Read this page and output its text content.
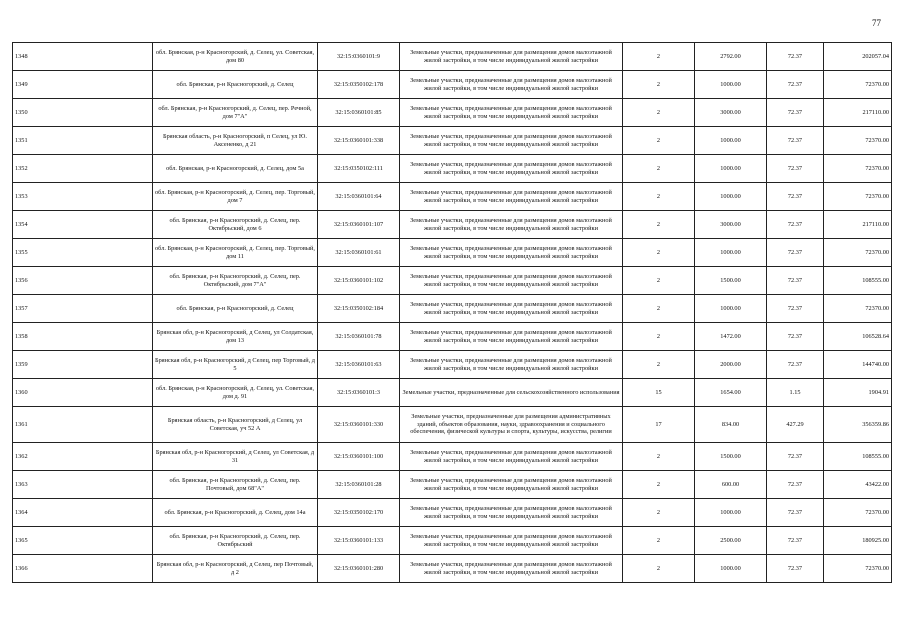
77
1348	обл. Брянская, р-н Красногорский, д. Селец, ул. Советская, дом 80	32:15:0360101:9	Земельные участки, предназначенные для размещения домов малоэтажной жилой застройки, в том числе индивидуальной жилой застройки	2	2792.00	72.37	202057.04
1349	обл. Брянская, р-н Красногорский, д. Селец	32:15:0350102:178	Земельные участки, предназначенные для размещения домов малоэтажной жилой застройки, в том числе индивидуальной жилой застройки	2	1000.00	72.37	72370.00
1350	обл. Брянская, р-н Красногорский, д. Селец, пер. Речной, дом 7"А"	32:15:0360101:85	Земельные участки, предназначенные для размещения домов малоэтажной жилой застройки, в том числе индивидуальной жилой застройки	2	3000.00	72.37	217110.00
1351	Брянская область, р-н Красногорский, п Селец, ул Ю. Аксененко, д 21	32:15:0360101:338	Земельные участки, предназначенные для размещения домов малоэтажной жилой застройки, в том числе индивидуальной жилой застройки	2	1000.00	72.37	72370.00
1352	обл. Брянская, р-н Красногорский, д. Селец, дом 5а	32:15:0350102:111	Земельные участки, предназначенные для размещения домов малоэтажной жилой застройки, в том числе индивидуальной жилой застройки	2	1000.00	72.37	72370.00
1353	обл. Брянская, р-н Красногорский, д. Селец, пер. Торговый, дом 7	32:15:0360101:64	Земельные участки, предназначенные для размещения домов малоэтажной жилой застройки, в том числе индивидуальной жилой застройки	2	1000.00	72.37	72370.00
1354	обл. Брянская, р-н Красногорский, д. Селец, пер. Октябрьский, дом 6	32:15:0360101:107	Земельные участки, предназначенные для размещения домов малоэтажной жилой застройки, в том числе индивидуальной жилой застройки	2	3000.00	72.37	217110.00
1355	обл. Брянская, р-н Красногорский, д. Селец, пер. Торговый, дом 11	32:15:0360101:61	Земельные участки, предназначенные для размещения домов малоэтажной жилой застройки, в том числе индивидуальной жилой застройки	2	1000.00	72.37	72370.00
1356	обл. Брянская, р-н Красногорский, д. Селец, пер. Октябрьский, дом 7"А"	32:15:0360101:102	Земельные участки, предназначенные для размещения домов малоэтажной жилой застройки, в том числе индивидуальной жилой застройки	2	1500.00	72.37	108555.00
1357	обл. Брянская, р-н Красногорский, д. Селец	32:15:0350102:184	Земельные участки, предназначенные для размещения домов малоэтажной жилой застройки, в том числе индивидуальной жилой застройки	2	1000.00	72.37	72370.00
1358	Брянская обл, р-н Красногорский, д Селец, ул Солдатская, дом 13	32:15:0360101:78	Земельные участки, предназначенные для размещения домов малоэтажной жилой застройки, в том числе индивидуальной жилой застройки	2	1472.00	72.37	106528.64
1359	Брянская обл, р-н Красногорский, д Селец, пер Торговый, д 5	32:15:0360101:63	Земельные участки, предназначенные для размещения домов малоэтажной жилой застройки, в том числе индивидуальной жилой застройки	2	2000.00	72.37	144740.00
1360	обл. Брянская, р-н Красногорский, д. Селец, ул. Советская, дом д. 91	32:15:0360101:3	Земельные участки, предназначенные для сельскохозяйственного использования	15	1654.00	1.15	1904.91
1361	Брянская область, р-н Красногорский, д Селец, ул Советская, уч 52 А	32:15:0360101:330	Земельные участки, предназначенные для размещения административных зданий, объектов образования, науки, здравоохранения и социального обеспечения, физической культуры и спорта, культуры, искусства, религии	17	834.00	427.29	356359.86
1362	Брянская обл, р-н Красногорский, д Селец, ул Советская, д 31	32:15:0360101:100	Земельные участки, предназначенные для размещения домов малоэтажной жилой застройки, в том числе индивидуальной жилой застройки	2	1500.00	72.37	108555.00
1363	обл. Брянская, р-н Красногорский, д. Селец, пер. Почтовый, дом 68"А"	32:15:0360101:28	Земельные участки, предназначенные для размещения домов малоэтажной жилой застройки, в том числе индивидуальной жилой застройки	2	600.00	72.37	43422.00
1364	обл. Брянская, р-н Красногорский, д. Селец, дом 14а	32:15:0350102:170	Земельные участки, предназначенные для размещения домов малоэтажной жилой застройки, в том числе индивидуальной жилой застройки	2	1000.00	72.37	72370.00
1365	обл. Брянская, р-н Красногорский, д. Селец, пер. Октябрьский	32:15:0360101:133	Земельные участки, предназначенные для размещения домов малоэтажной жилой застройки, в том числе индивидуальной жилой застройки	2	2500.00	72.37	180925.00
1366	Брянская обл, р-н Красногорский, д Селец, пер Почтовый, д 2	32:15:0360101:280	Земельные участки, предназначенные для размещения домов малоэтажной жилой застройки, в том числе индивидуальной жилой застройки	2	1000.00	72.37	72370.00
